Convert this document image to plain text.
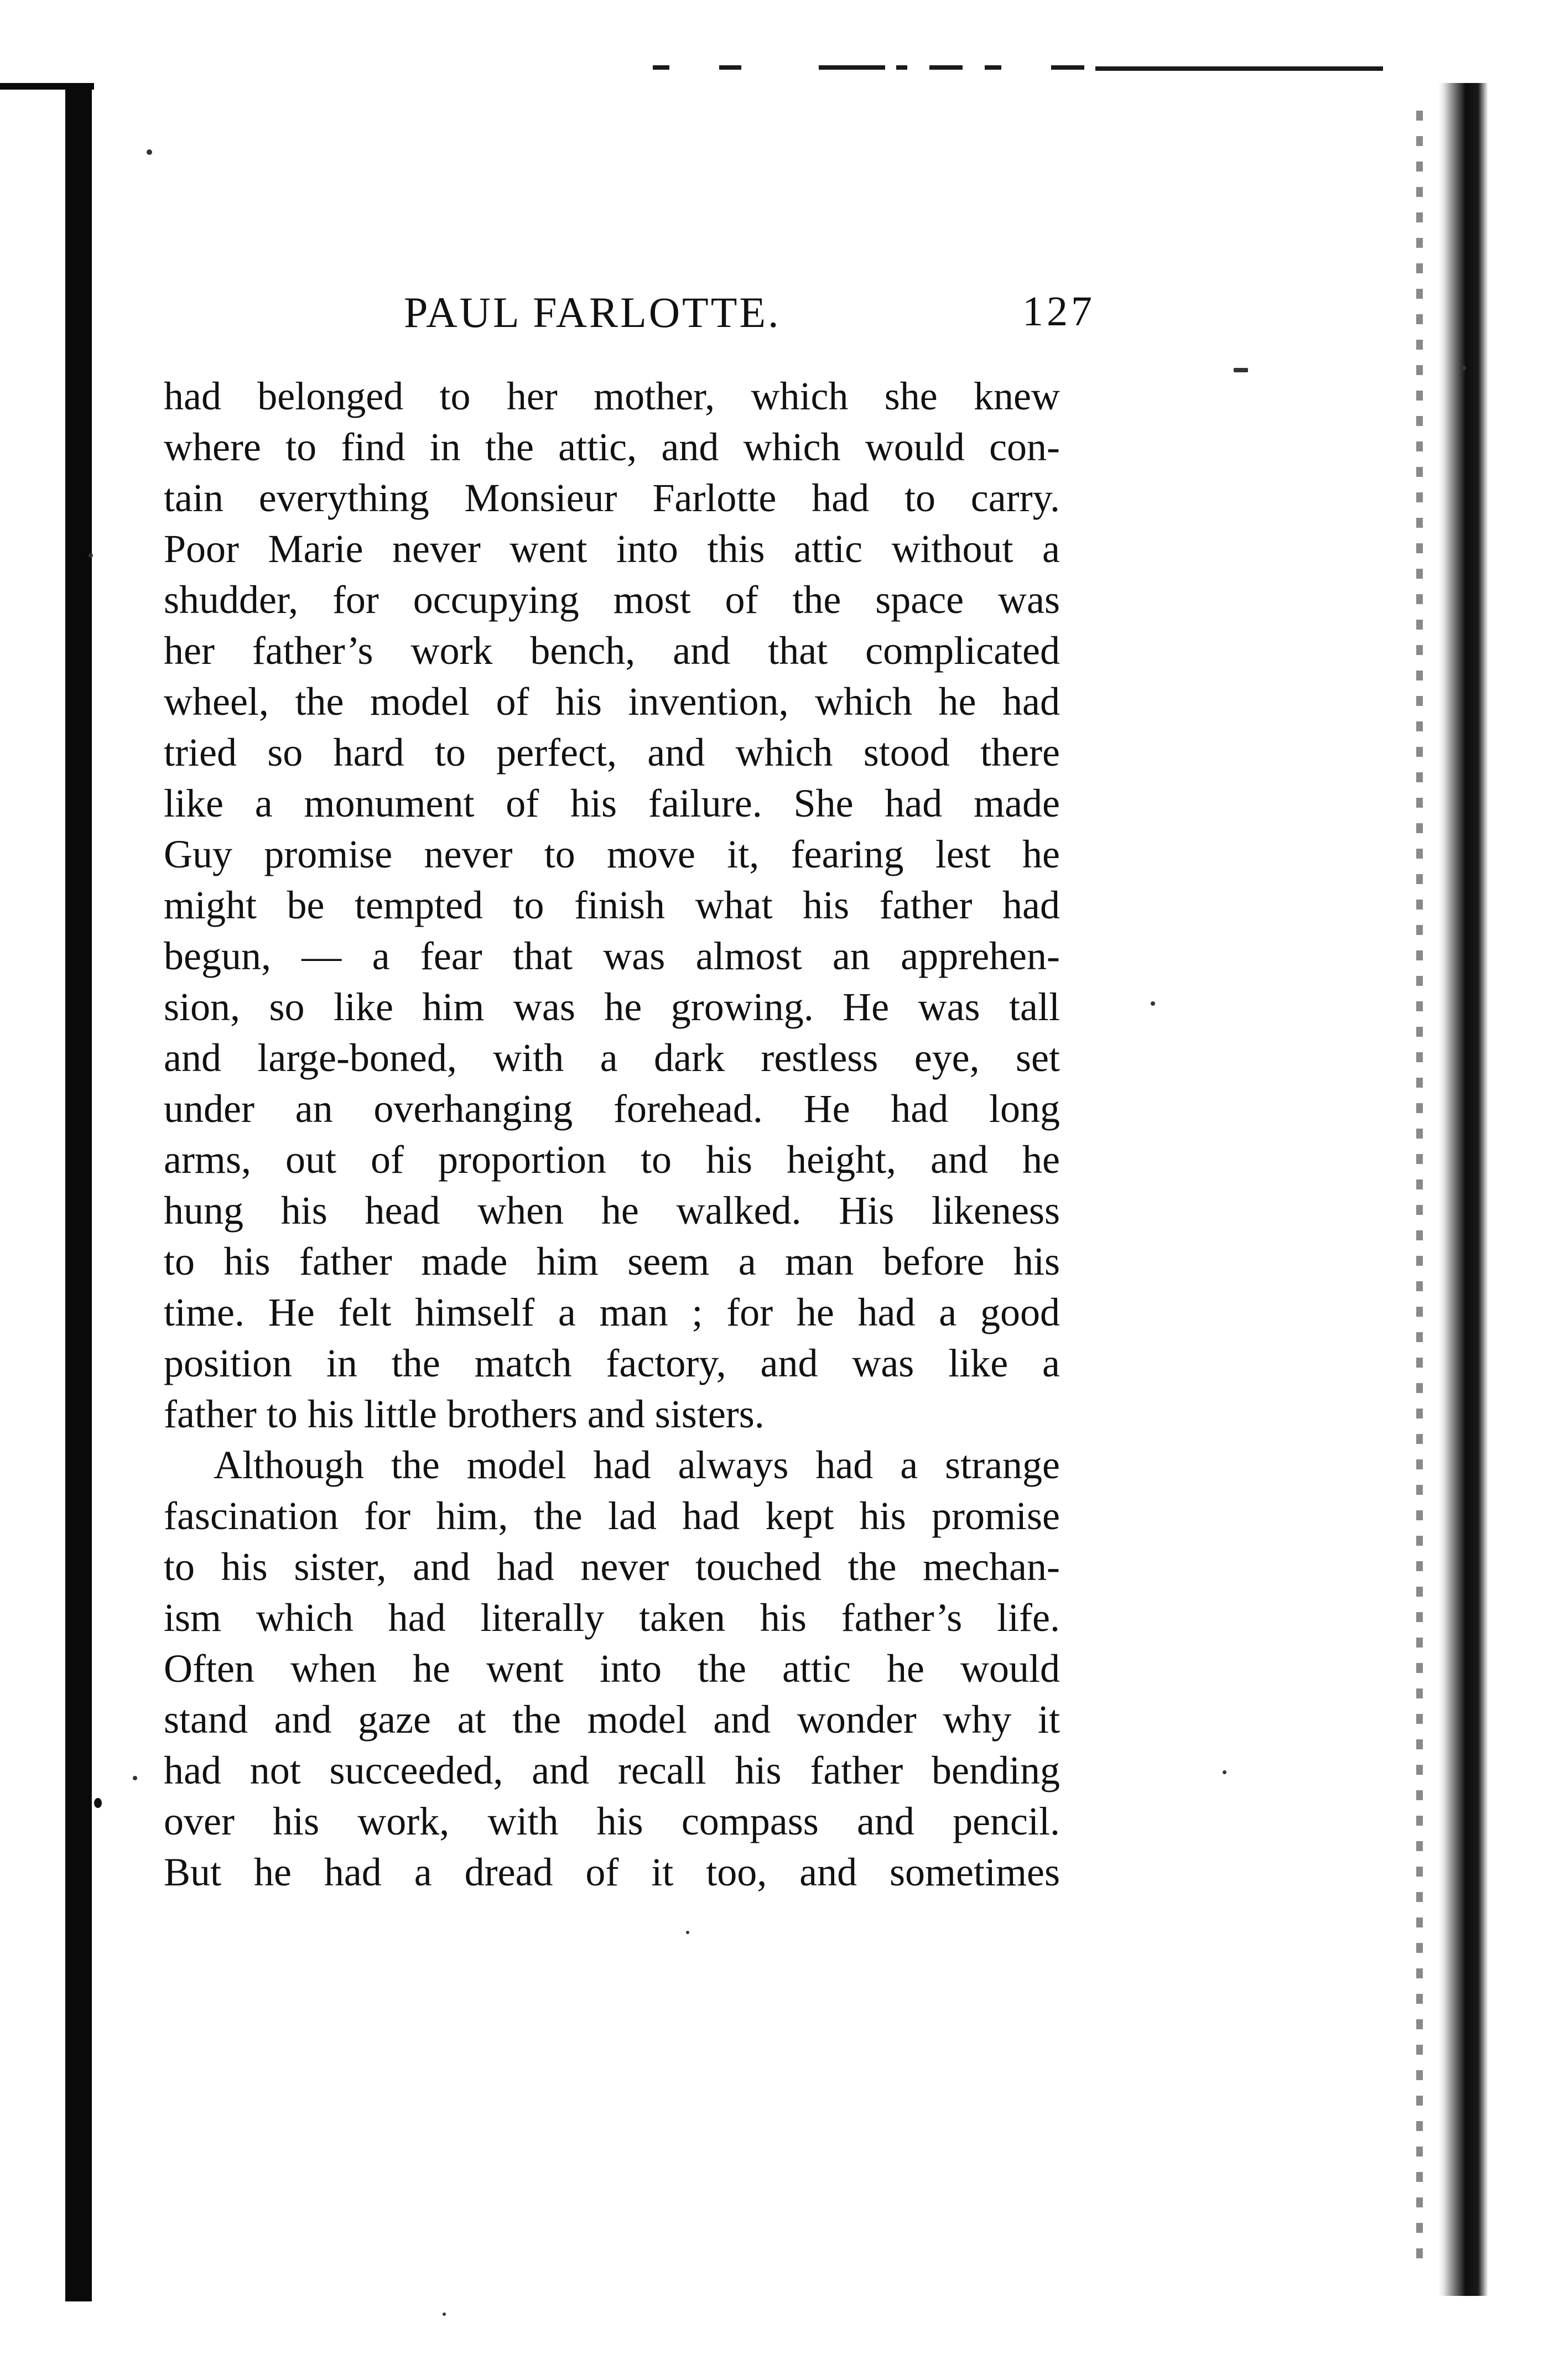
PAUL FARLOTTE.	127
had belonged to her mother, which she knew
where to find in the attic, and which would con-
tain everything Monsieur Farlotte had to carry.
Poor Marie never went into this attic without a
shudder, for occupying most of the space was
her father’s work bench, and that complicated
wheel, the model of his invention, which he had
tried so hard to perfect, and which stood there
like a monument of his failure. She had made
Guy promise never to move it, fearing lest he
might be tempted to finish what his father had
begun, — a fear that was almost an apprehen-
sion, so like him was he growing. He was tall
and large-boned, with a dark restless eye, set
under an overhanging forehead. He had long
arms, out of proportion to his height, and he
hung his head when he walked. His likeness
to his father made him seem a man before his
time. He felt himself a man ; for he had a good
position in the match factory, and was like a
father to his little brothers and sisters.
Although the model had always had a strange
fascination for him, the lad had kept his promise
to his sister, and had never touched the mechan-
ism which had literally taken his father’s life.
Often when he went into the attic he would
stand and gaze at the model and wonder why it
had not succeeded, and recall his father bending
over his work, with his compass and pencil.
But he had a dread of it too, and sometimes
